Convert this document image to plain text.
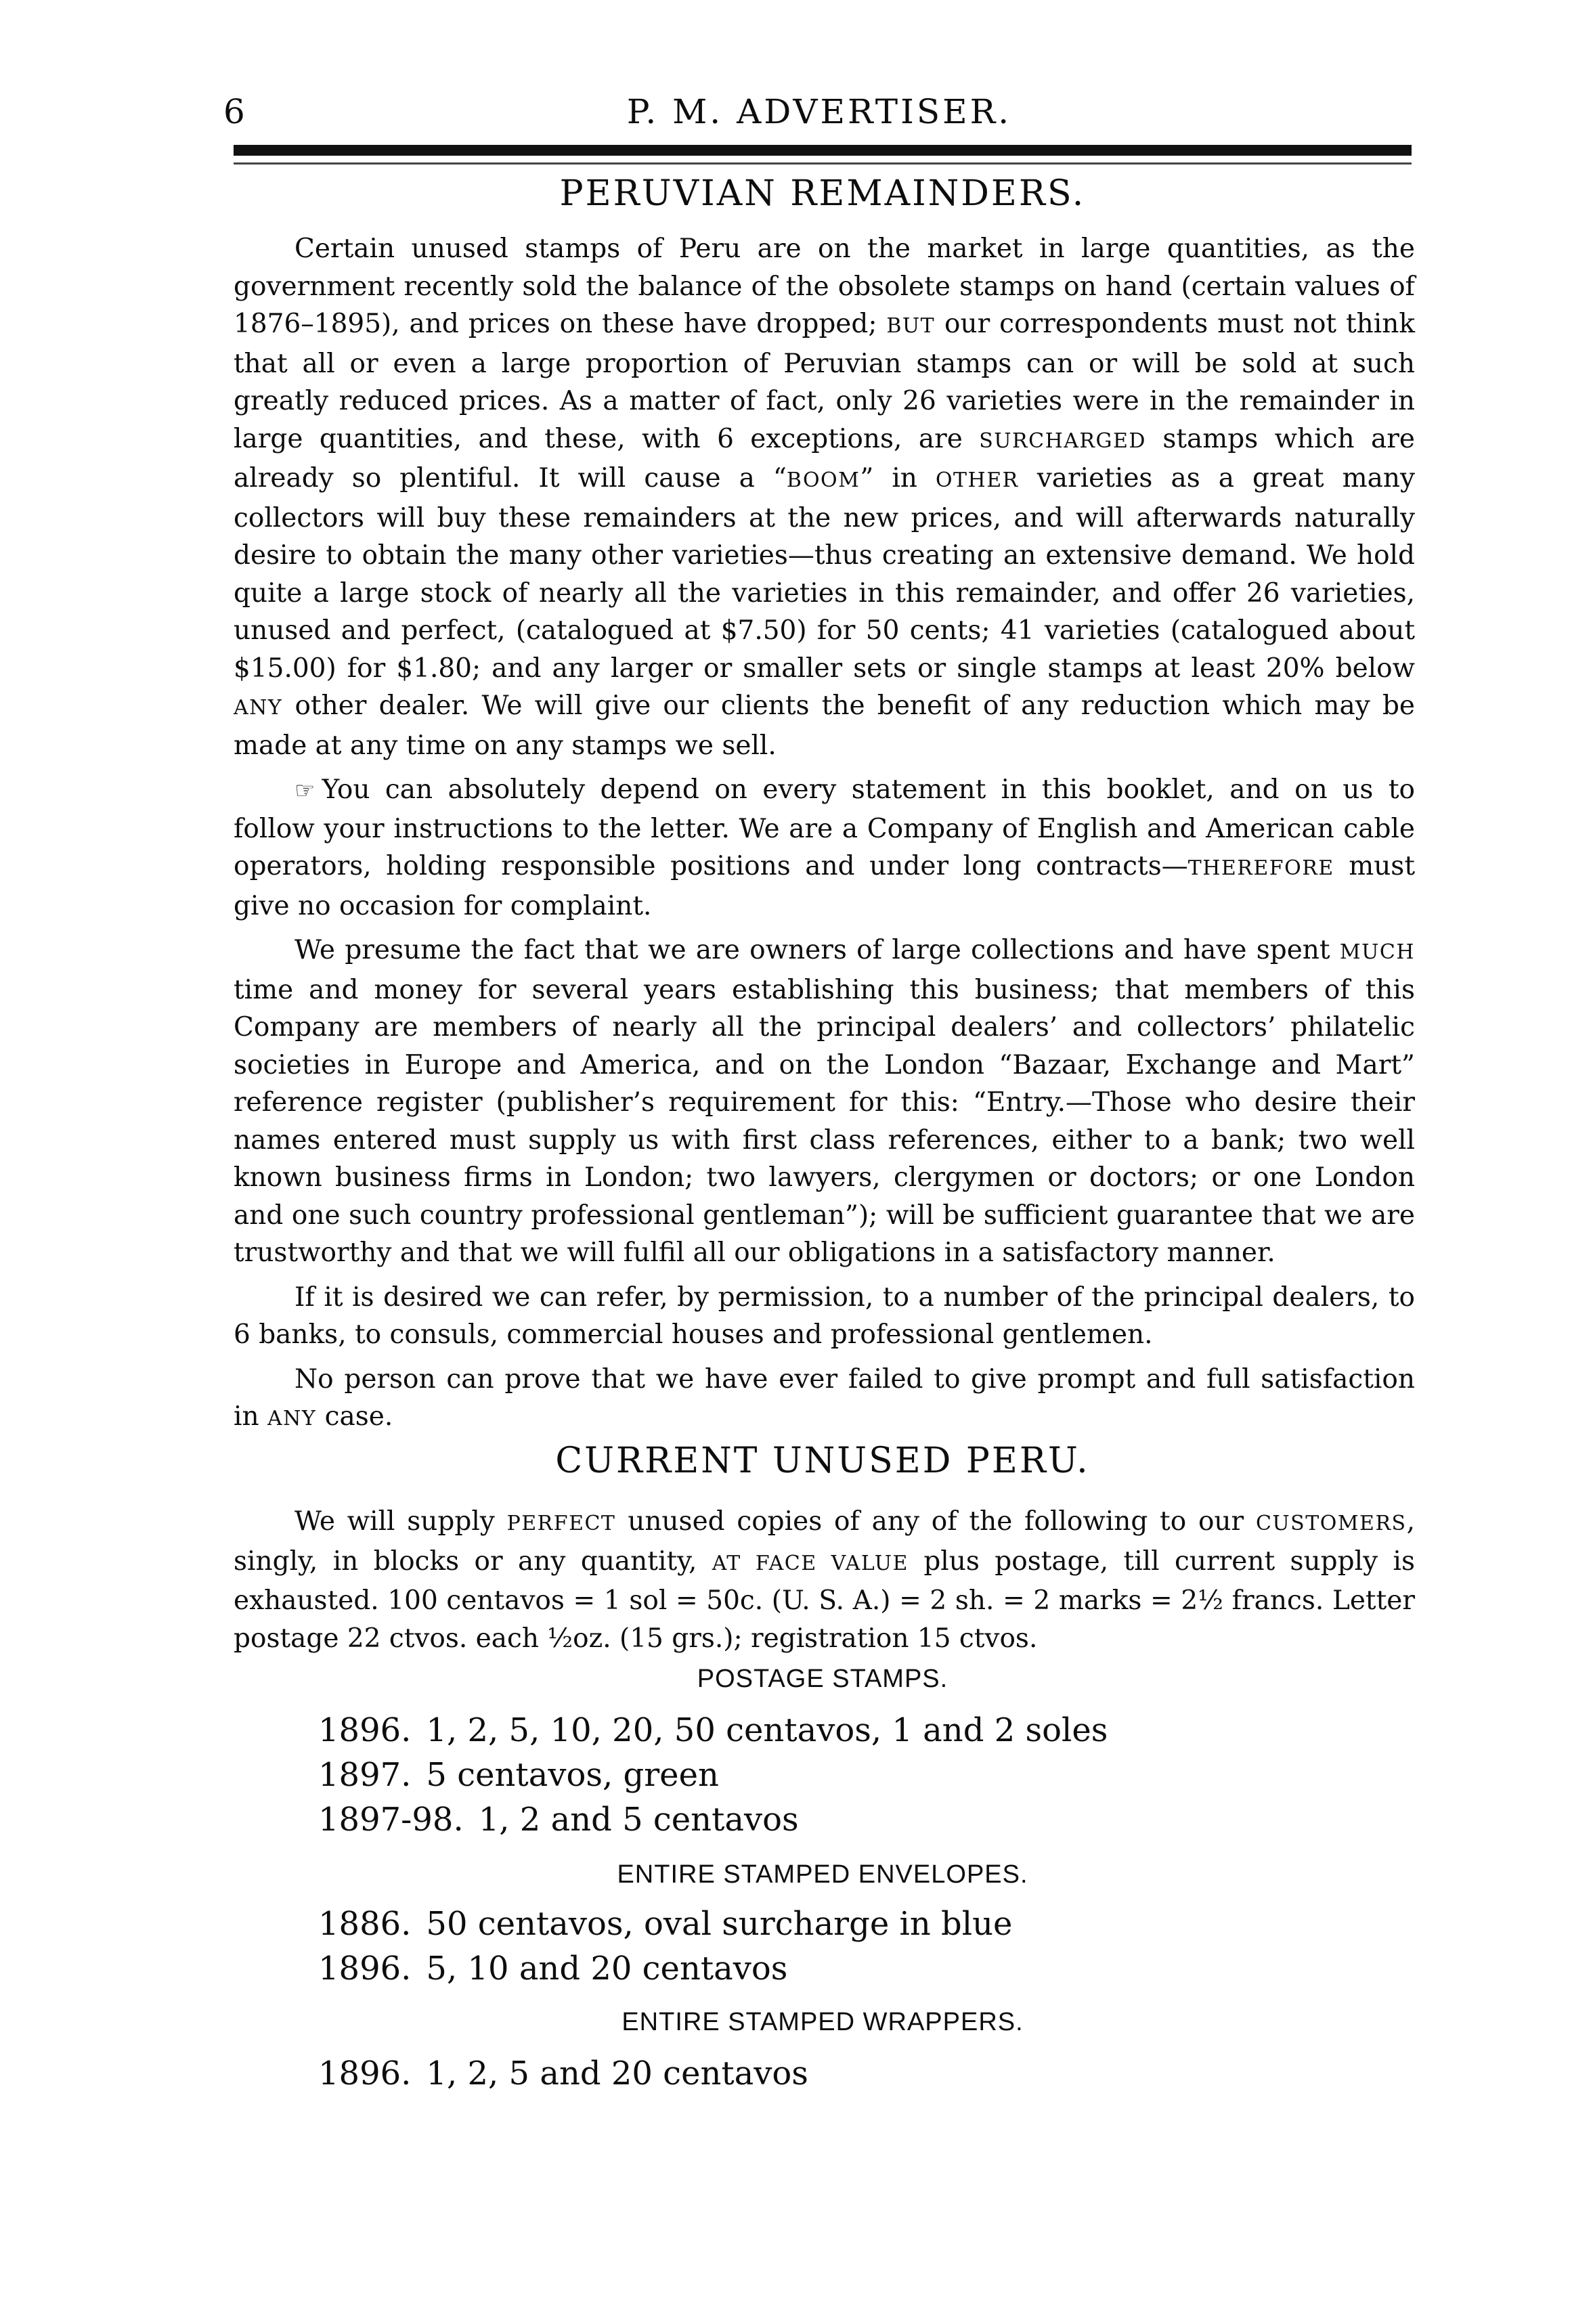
6	P. M. ADVERTISER.
PERUVIAN REMAINDERS.

Certain unused stamps of Peru are on the market in large quantities, as the government recently sold the balance of the obsolete stamps on hand (certain values of 1876–1895), and prices on these have dropped; BUT our correspondents must not think that all or even a large proportion of Peruvian stamps can or will be sold at such greatly reduced prices. As a matter of fact, only 26 varieties were in the remainder in large quantities, and these, with 6 exceptions, are SURCHARGED stamps which are already so plentiful. It will cause a “BOOM” in OTHER varieties as a great many collectors will buy these remainders at the new prices, and will afterwards naturally desire to obtain the many other varieties—thus creating an extensive demand. We hold quite a large stock of nearly all the varieties in this remainder, and offer 26 varieties, unused and perfect, (catalogued at $7.50) for 50 cents; 41 varieties (catalogued about $15.00) for $1.80; and any larger or smaller sets or single stamps at least 20% below ANY other dealer. We will give our clients the benefit of any reduction which may be made at any time on any stamps we sell.

☞ You can absolutely depend on every statement in this booklet, and on us to follow your instructions to the letter. We are a Company of English and American cable operators, holding responsible positions and under long contracts—THEREFORE must give no occasion for complaint.

We presume the fact that we are owners of large collections and have spent MUCH time and money for several years establishing this business; that members of this Company are members of nearly all the principal dealers’ and collectors’ philatelic societies in Europe and America, and on the London “Bazaar, Exchange and Mart” reference register (publisher’s requirement for this: “Entry.—Those who desire their names entered must supply us with first class references, either to a bank; two well known business firms in London; two lawyers, clergymen or doctors; or one London and one such country professional gentleman”); will be sufficient guarantee that we are trustworthy and that we will fulfil all our obligations in a satisfactory manner.

If it is desired we can refer, by permission, to a number of the principal dealers, to 6 banks, to consuls, commercial houses and professional gentlemen.

No person can prove that we have ever failed to give prompt and full satisfaction in ANY case.

CURRENT UNUSED PERU.

We will supply PERFECT unused copies of any of the following to our CUSTOMERS, singly, in blocks or any quantity, AT FACE VALUE plus postage, till current supply is exhausted. 100 centavos = 1 sol = 50c. (U. S. A.) = 2 sh. = 2 marks = 2½ francs. Letter postage 22 ctvos. each ½oz. (15 grs.); registration 15 ctvos.

POSTAGE STAMPS.
1896. 1, 2, 5, 10, 20, 50 centavos, 1 and 2 soles
1897. 5 centavos, green
1897-98. 1, 2 and 5 centavos
ENTIRE STAMPED ENVELOPES.
1886. 50 centavos, oval surcharge in blue
1896. 5, 10 and 20 centavos
ENTIRE STAMPED WRAPPERS.
1896. 1, 2, 5 and 20 centavos
